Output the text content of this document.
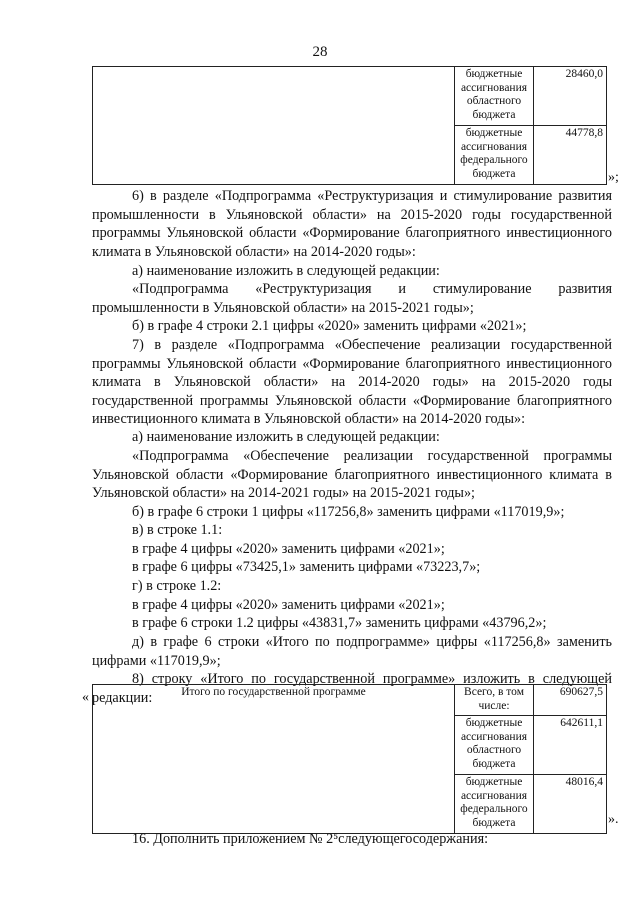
28
	бюджетные ассигнования областного бюджета	28460,0
	бюджетные ассигнования федерального бюджета	44778,8
»;
6) в разделе «Подпрограмма «Реструктуризация и стимулирование развития промышленности в Ульяновской области» на 2015-2020 годы государственной программы Ульяновской области «Формирование благоприятного инвестиционного климата в Ульяновской области» на 2014-2020 годы»:
а) наименование изложить в следующей редакции:
«Подпрограмма «Реструктуризация и стимулирование развития промышленности в Ульяновской области» на 2015-2021 годы»;
б) в графе 4 строки 2.1 цифры «2020» заменить цифрами «2021»;
7) в разделе «Подпрограмма «Обеспечение реализации государственной программы Ульяновской области «Формирование благоприятного инвестиционного климата в Ульяновской области» на 2014-2020 годы» на 2015-2020 годы государственной программы Ульяновской области «Формирование благоприятного инвестиционного климата в Ульяновской области» на 2014-2020 годы»:
а) наименование изложить в следующей редакции:
«Подпрограмма «Обеспечение реализации государственной программы Ульяновской области «Формирование благоприятного инвестиционного климата в Ульяновской области» на 2014-2021 годы» на 2015-2021 годы»;
б) в графе 6 строки 1 цифры «117256,8» заменить цифрами «117019,9»;
в) в строке 1.1:
в графе 4 цифры «2020» заменить цифрами «2021»;
в графе 6 цифры «73425,1» заменить цифрами «73223,7»;
г) в строке 1.2:
в графе 4 цифры «2020» заменить цифрами «2021»;
в графе 6 строки 1.2 цифры «43831,7» заменить цифрами «43796,2»;
д) в графе 6 строки «Итого по подпрограмме» цифры «117256,8» заменить цифрами «117019,9»;
8) строку «Итого по государственной программе» изложить в следующей редакции:
«	Итого по государственной программе	Всего, в том числе:	690627,5
	бюджетные ассигнования областного бюджета	642611,1
	бюджетные ассигнования федерального бюджета	48016,4
».
16. Дополнить приложением № 2⁵следующегосодержания:
